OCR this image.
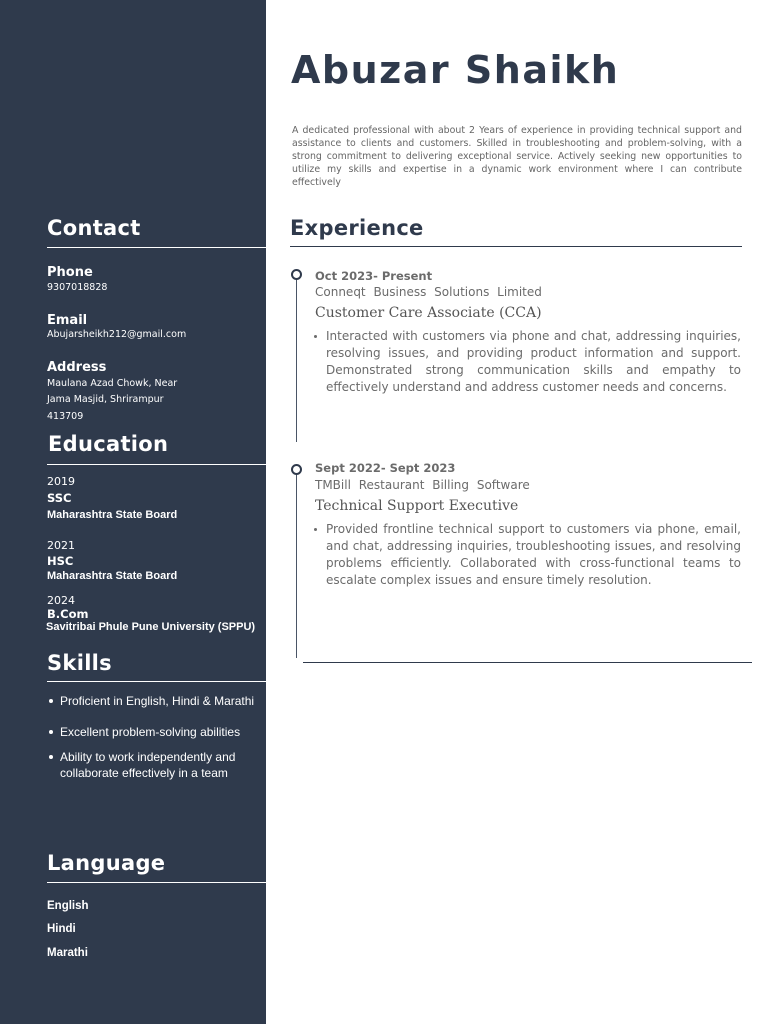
Contact
Phone
9307018828
Email
Abujarsheikh212@gmail.com
Address
Maulana Azad Chowk, Near
Jama Masjid, Shrirampur
413709
Education
2019
SSC
Maharashtra State Board
2021
HSC
Maharashtra State Board
2024
B.Com
Savitribai Phule Pune University (SPPU)
Skills
Proficient in English, Hindi & Marathi
Excellent problem-solving abilities
Ability to work independently and
collaborate effectively in a team
Language
English
Hindi
Marathi
Abuzar Shaikh
A dedicated professional with about 2 Years of experience in providing technical support and assistance to clients and customers. Skilled in troubleshooting and problem-solving, with a strong commitment to delivering exceptional service. Actively seeking new opportunities to utilize my skills and expertise in a dynamic work environment where I can contribute effectively
Experience
Oct 2023- Present
Conneqt Business Solutions Limited
Customer Care Associate (CCA)
Interacted with customers via phone and chat, addressing inquiries, resolving issues, and providing product information and support. Demonstrated strong communication skills and empathy to effectively understand and address customer needs and concerns.
Sept 2022- Sept 2023
TMBill Restaurant Billing Software
Technical Support Executive
Provided frontline technical support to customers via phone, email, and chat, addressing inquiries, troubleshooting issues, and resolving problems efficiently. Collaborated with cross-functional teams to escalate complex issues and ensure timely resolution.
